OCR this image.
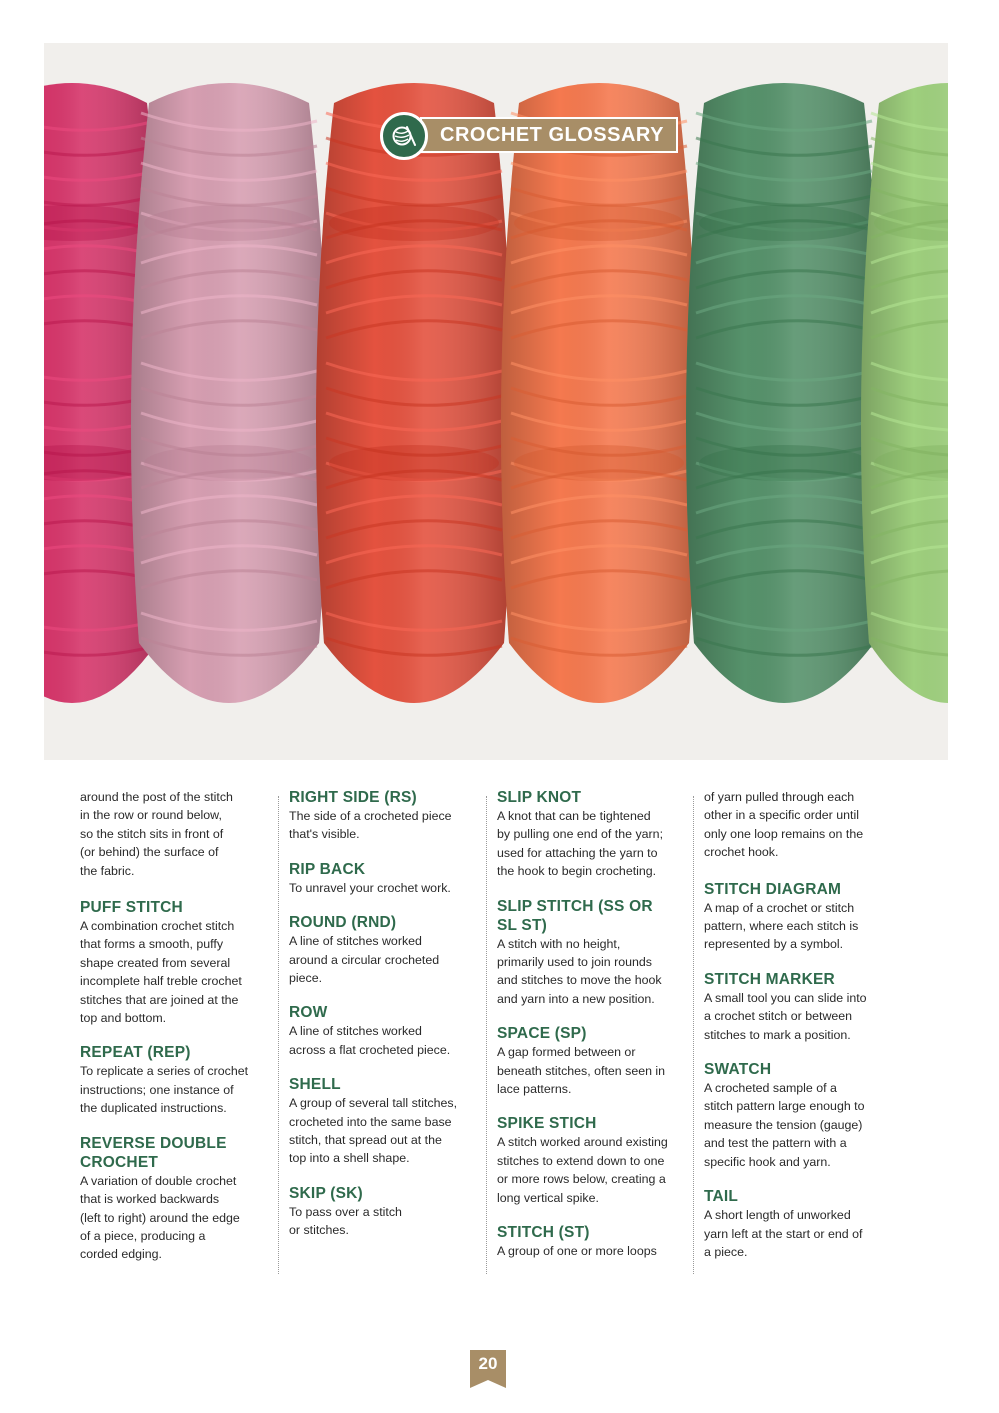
CROCHET GLOSSARY

around the post of the stitch
in the row or round below,
so the stitch sits in front of
(or behind) the surface of
the fabric.

PUFF STITCH

A combination crochet stitch
that forms a smooth, puffy
shape created from several
incomplete half treble crochet
stitches that are joined at the
top and bottom.

REPEAT (REP)

To replicate a series of crochet
instructions; one instance of
the duplicated instructions.

REVERSE DOUBLE
CROCHET

A variation of double crochet
that is worked backwards
(left to right) around the edge
of a piece, producing a
corded edging.

RIGHT SIDE (RS)

The side of a crocheted piece
that's visible.

RIP BACK

To unravel your crochet work.

ROUND (RND)

A line of stitches worked
around a circular crocheted
piece.

ROW

A line of stitches worked
across a flat crocheted piece.

SHELL

A group of several tall stitches,
crocheted into the same base
stitch, that spread out at the
top into a shell shape.

SKIP (SK)

To pass over a stitch
or stitches.

SLIP KNOT

A knot that can be tightened
by pulling one end of the yarn;
used for attaching the yarn to
the hook to begin crocheting.

SLIP STITCH (SS OR
SL ST)

A stitch with no height,
primarily used to join rounds
and stitches to move the hook
and yarn into a new position.

SPACE (SP)

A gap formed between or
beneath stitches, often seen in
lace patterns.

SPIKE STICH

A stitch worked around existing
stitches to extend down to one
or more rows below, creating a
long vertical spike.

STITCH (ST)

A group of one or more loops

of yarn pulled through each
other in a specific order until
only one loop remains on the
crochet hook.

STITCH DIAGRAM

A map of a crochet or stitch
pattern, where each stitch is
represented by a symbol.

STITCH MARKER

A small tool you can slide into
a crochet stitch or between
stitches to mark a position.

SWATCH

A crocheted sample of a
stitch pattern large enough to
measure the tension (gauge)
and test the pattern with a
specific hook and yarn.

TAIL

A short length of unworked
yarn left at the start or end of
a piece.

20
